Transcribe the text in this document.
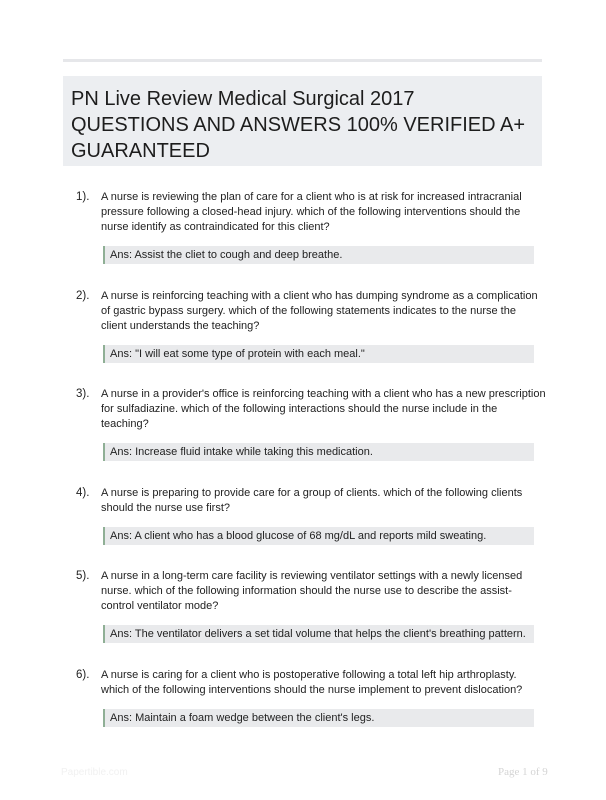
PN Live Review Medical Surgical 2017
QUESTIONS AND ANSWERS 100% VERIFIED A+
GUARANTEED
1). A nurse is reviewing the plan of care for a client who is at risk for increased intracranial
pressure following a closed-head injury. which of the following interventions should the
nurse identify as contraindicated for this client?
Ans: Assist the cliet to cough and deep breathe.
2). A nurse is reinforcing teaching with a client who has dumping syndrome as a complication
of gastric bypass surgery. which of the following statements indicates to the nurse the
client understands the teaching?
Ans: "I will eat some type of protein with each meal."
3). A nurse in a provider's office is reinforcing teaching with a client who has a new prescription
for sulfadiazine. which of the following interactions should the nurse include in the
teaching?
Ans: Increase fluid intake while taking this medication.
4). A nurse is preparing to provide care for a group of clients. which of the following clients
should the nurse use first?
Ans: A client who has a blood glucose of 68 mg/dL and reports mild sweating.
5). A nurse in a long-term care facility is reviewing ventilator settings with a newly licensed
nurse. which of the following information should the nurse use to describe the assist-
control ventilator mode?
Ans: The ventilator delivers a set tidal volume that helps the client's breathing pattern.
6). A nurse is caring for a client who is postoperative following a total left hip arthroplasty.
which of the following interventions should the nurse implement to prevent dislocation?
Ans: Maintain a foam wedge between the client's legs.
Papertible.com	Page 1 of 9
